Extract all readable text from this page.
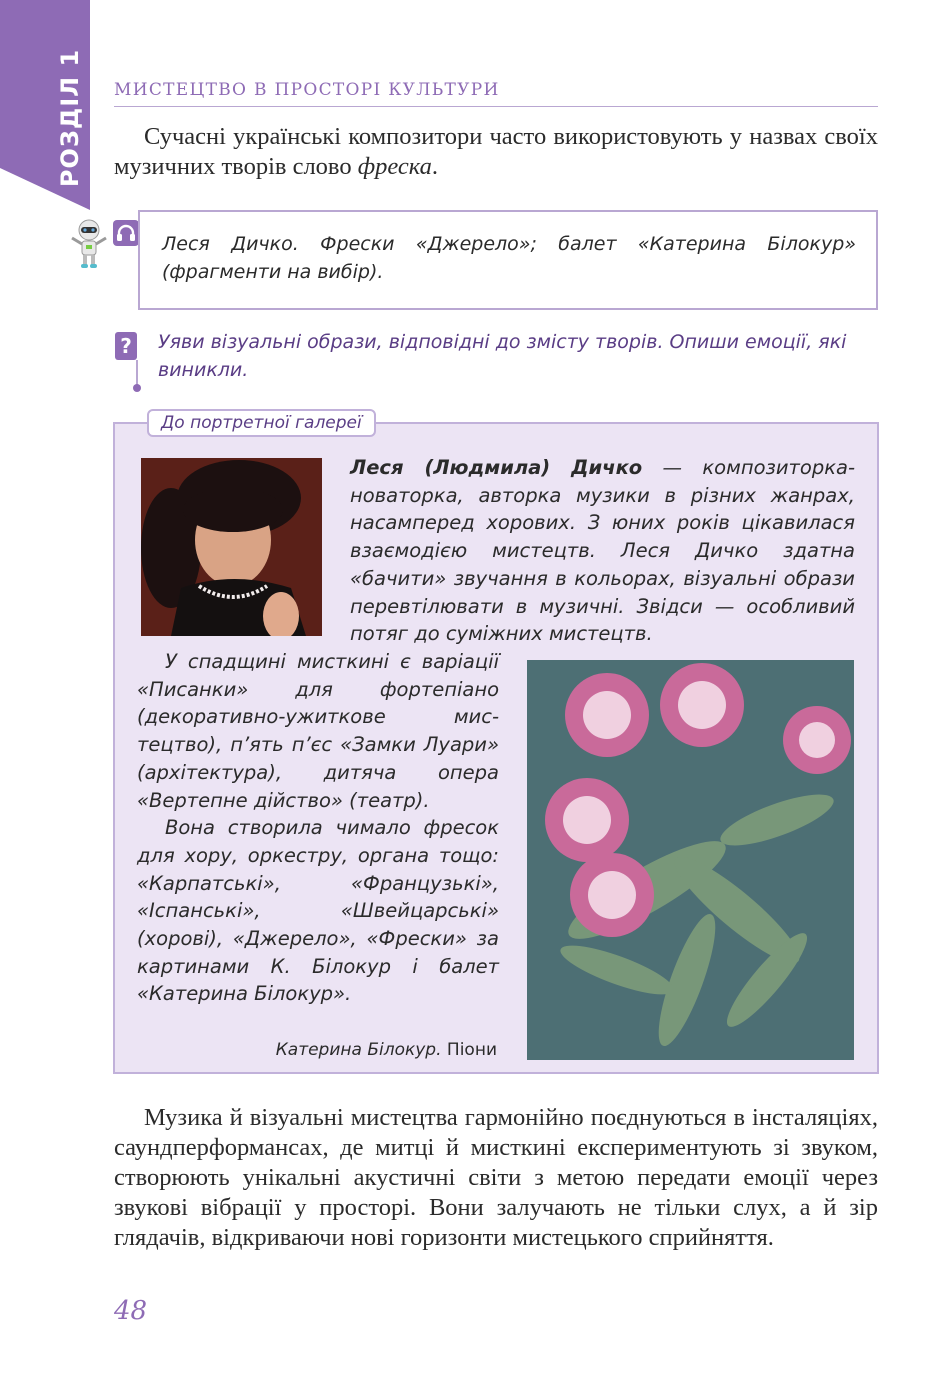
РОЗДІЛ 1 МИСТЕЦТВО В ПРОСТОРІ КУЛЬТУРИ

Сучасні українські композитори часто використовують у назвах своїх музичних творів слово фреска.

Леся Дичко. Фрески «Джерело»; балет «Катерина Білокур» (фрагменти на вибір).

? Уяви візуальні образи, відповідні до змісту творів. Опиши емоції, які виникли.

До портретної галереї

Леся (Людмила) Дичко — композиторка-новаторка, авторка музики в різних жанрах, насамперед хорових. З юних років цікавилася взаємодією мистецтв. Леся Дичко здатна «бачити» звучання в кольорах, візуальні образи перевтілювати в музичні. Звідси — особливий потяг до суміжних мистецтв.

У спадщині мисткині є варіації «Писанки» для фортепіано (декоративно-ужиткове мистецтво), п’ять п’єс «Замки Луари» (архітектура), дитяча опера «Вертепне дійство» (театр).

Вона створила чимало фресок для хору, оркестру, органа тощо: «Карпатські», «Французькі», «Іспанські», «Швейцарські» (хорові), «Джерело», «Фрески» за картинами К. Білокур і балет «Катерина Білокур».

Катерина Білокур. Піони

Музика й візуальні мистецтва гармонійно поєднуються в інсталяціях, саундперформансах, де митці й мисткині експериментують зі звуком, створюють унікальні акустичні світи з метою передати емоції через звукові вібрації у просторі. Вони залучають не тільки слух, а й зір глядачів, відкриваючи нові горизонти мистецького сприйняття.

48
